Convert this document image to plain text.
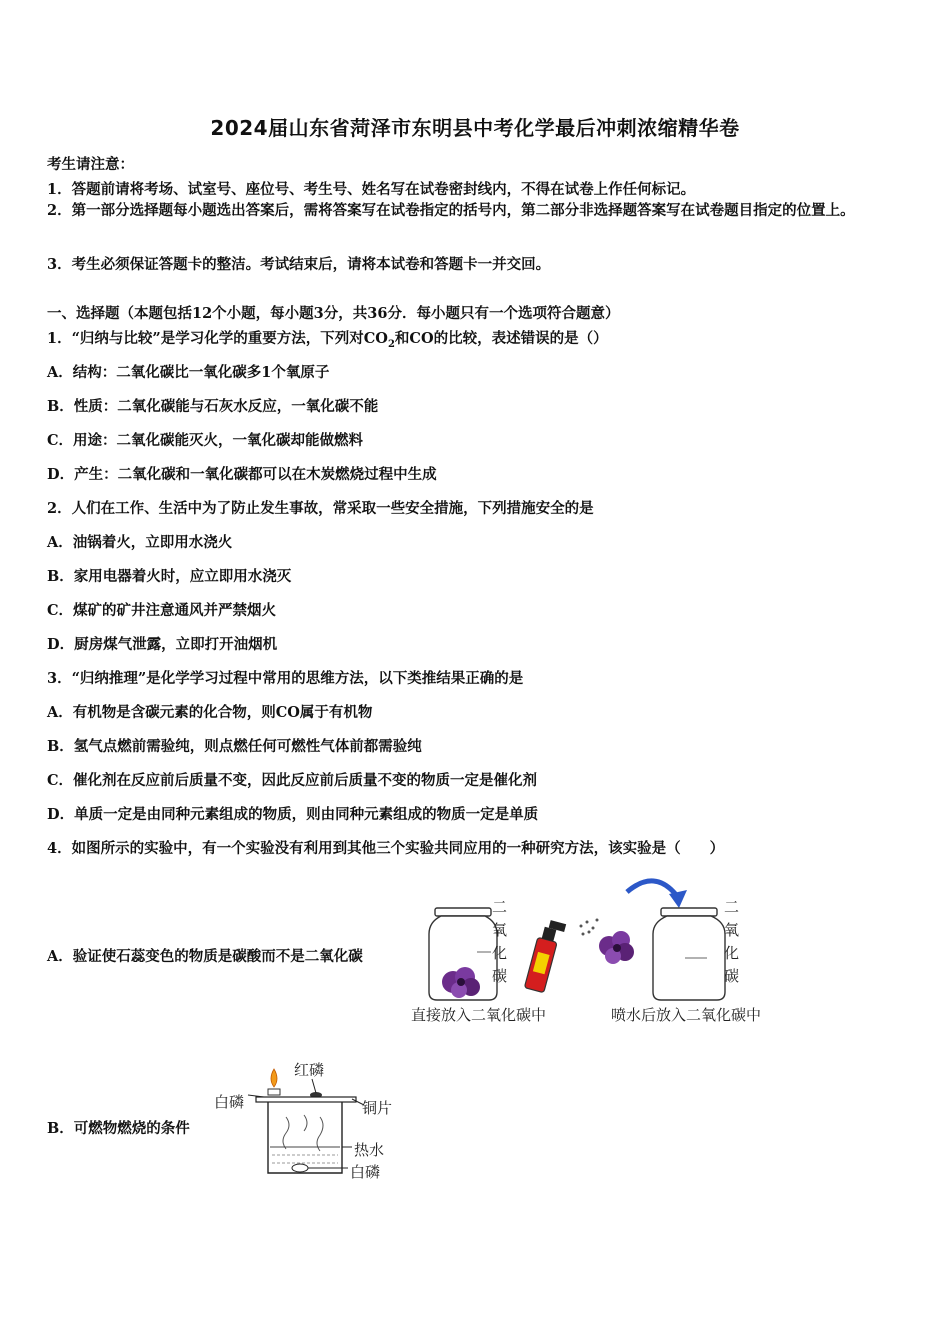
2024届山东省菏泽市东明县中考化学最后冲刺浓缩精华卷
考生请注意：
1．答题前请将考场、试室号、座位号、考生号、姓名写在试卷密封线内，不得在试卷上作任何标记。
2．第一部分选择题每小题选出答案后，需将答案写在试卷指定的括号内，第二部分非选择题答案写在试卷题目指定的位置上。
3．考生必须保证答题卡的整洁。考试结束后，请将本试卷和答题卡一并交回。
一、选择题（本题包括12个小题，每小题3分，共36分．每小题只有一个选项符合题意）
1．“归纳与比较”是学习化学的重要方法，下列对$CO_2$和CO的比较，表述错误的是（）
A．结构：二氧化碳比一氧化碳多1个氧原子
B．性质：二氧化碳能与石灰水反应，一氧化碳不能
C．用途：二氧化碳能灭火，一氧化碳却能做燃料
D．产生：二氧化碳和一氧化碳都可以在木炭燃烧过程中生成
2．人们在工作、生活中为了防止发生事故，常采取一些安全措施，下列措施安全的是
A．油锅着火，立即用水浇火
B．家用电器着火时，应立即用水浇灭
C．煤矿的矿井注意通风并严禁烟火
D．厨房煤气泄露，立即打开油烟机
3．“归纳推理”是化学学习过程中常用的思维方法，以下类推结果正确的是
A．有机物是含碳元素的化合物，则CO属于有机物
B．氢气点燃前需验纯，则点燃任何可燃性气体前都需验纯
C．催化剂在反应前后质量不变，因此反应前后质量不变的物质一定是催化剂
D．单质一定是由同种元素组成的物质，则由同种元素组成的物质一定是单质
4．如图所示的实验中，有一个实验没有利用到其他三个实验共同应用的一种研究方法，该实验是（　　）
A．验证使石蕊变色的物质是碳酸而不是二氧化碳
B．可燃物燃烧的条件
二
氧
化
碳
二
氧
化
碳
直接放入二氧化碳中	喷水后放入二氧化碳中
红磷
白磷	铜片
热水
白磷
